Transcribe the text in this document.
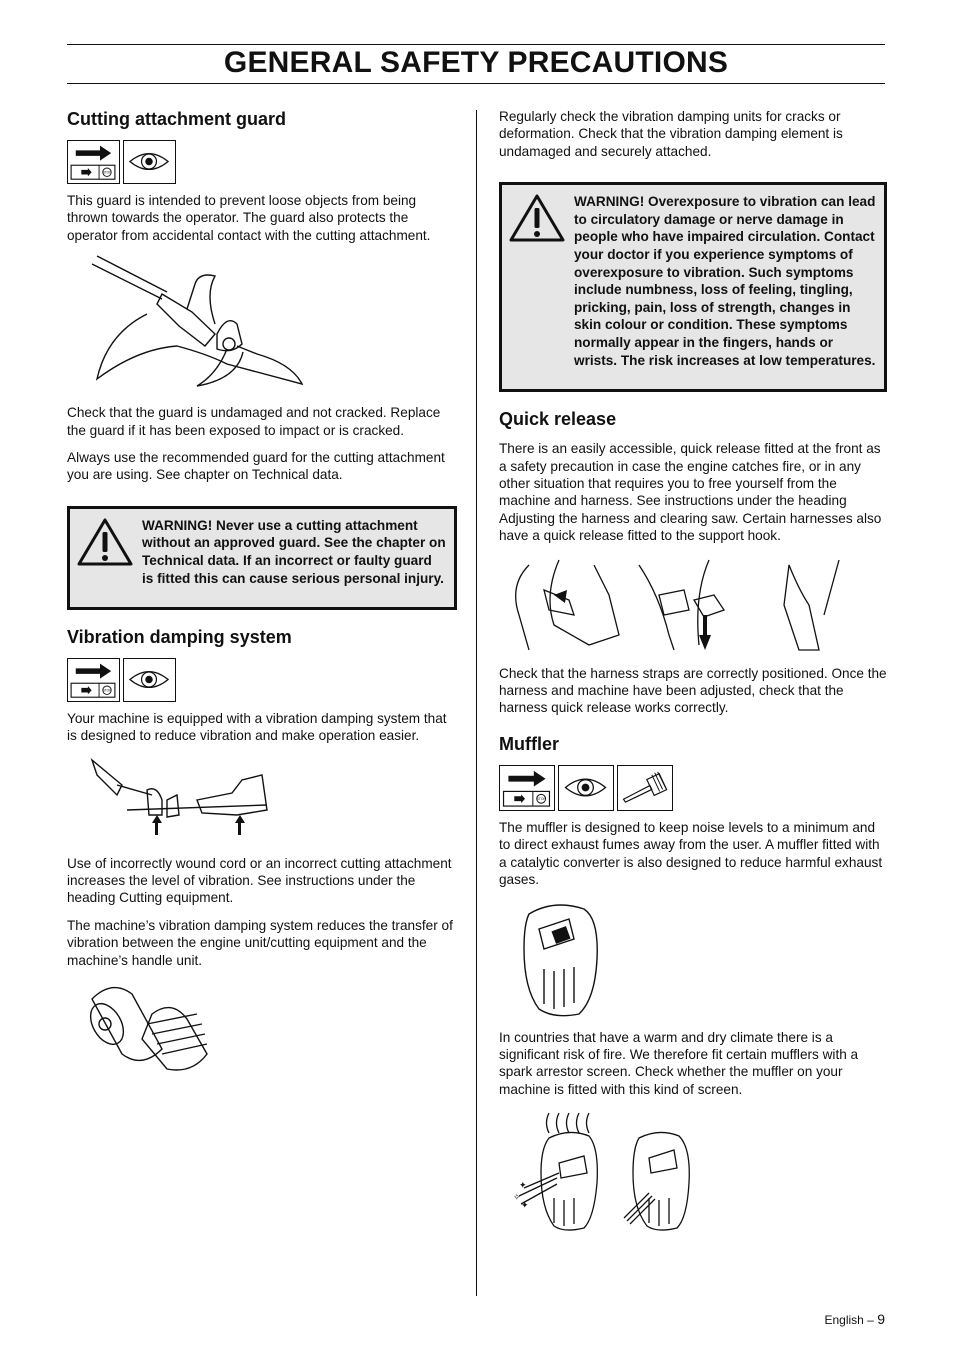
GENERAL SAFETY PRECAUTIONS
Cutting attachment guard

This guard is intended to prevent loose objects from being thrown towards the operator. The guard also protects the operator from accidental contact with the cutting attachment.

Check that the guard is undamaged and not cracked. Replace the guard if it has been exposed to impact or is cracked.

Always use the recommended guard for the cutting attachment you are using. See chapter on Technical data.

WARNING! Never use a cutting attachment without an approved guard. See the chapter on Technical data. If an incorrect or faulty guard is fitted this can cause serious personal injury.
Vibration damping system

Your machine is equipped with a vibration damping system that is designed to reduce vibration and make operation easier.

Use of incorrectly wound cord or an incorrect cutting attachment increases the level of vibration. See instructions under the heading Cutting equipment.

The machine’s vibration damping system reduces the transfer of vibration between the engine unit/cutting equipment and the machine’s handle unit.

Regularly check the vibration damping units for cracks or deformation. Check that the vibration damping element is undamaged and securely attached.

WARNING! Overexposure to vibration can lead to circulatory damage or nerve damage in people who have impaired circulation. Contact your doctor if you experience symptoms of overexposure to vibration. Such symptoms include numbness, loss of feeling, tingling, pricking, pain, loss of strength, changes in skin colour or condition. These symptoms normally appear in the fingers, hands or wrists. The risk increases at low temperatures.
Quick release

There is an easily accessible, quick release fitted at the front as a safety precaution in case the engine catches fire, or in any other situation that requires you to free yourself from the machine and harness. See instructions under the heading Adjusting the harness and clearing saw. Certain harnesses also have a quick release fitted to the support hook.

Check that the harness straps are correctly positioned. Once the harness and machine have been adjusted, check that the harness quick release works correctly.

Muffler

The muffler is designed to keep noise levels to a minimum and to direct exhaust fumes away from the user. A muffler fitted with a catalytic converter is also designed to reduce harmful exhaust gases.

In countries that have a warm and dry climate there is a significant risk of fire. We therefore fit certain mufflers with a spark arrestor screen. Check whether the muffler on your machine is fitted with this kind of screen.

✦
✧
✦
English – 9
